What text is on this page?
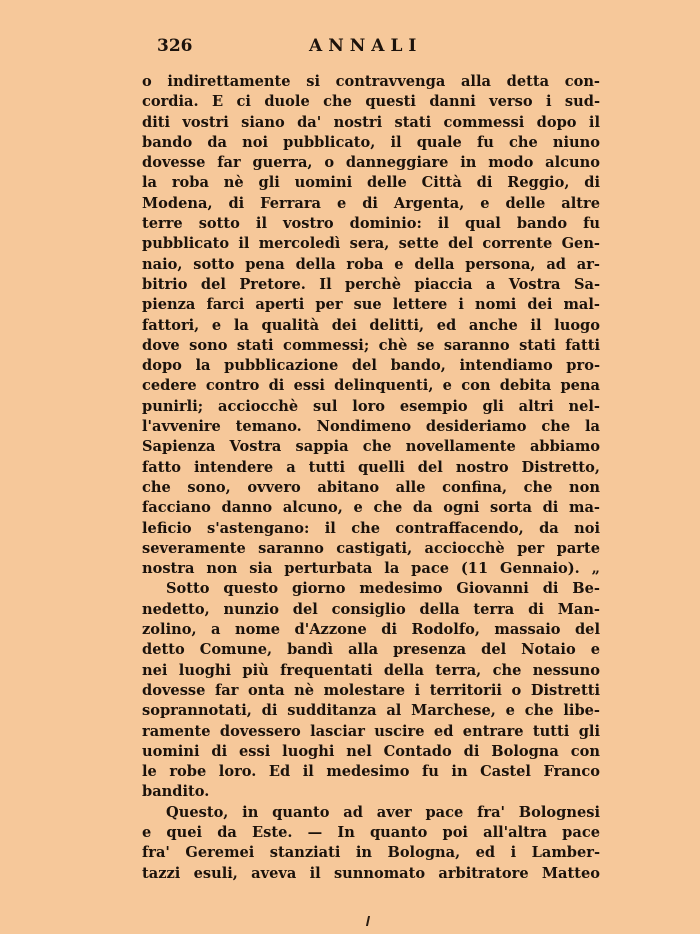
326	ANNALI
o indirettamente si contravvenga alla detta con-
cordia. E ci duole che questi danni verso i sud-
diti vostri siano da' nostri stati commessi dopo il
bando da noi pubblicato, il quale fu che niuno
dovesse far guerra, o danneggiare in modo alcuno
la roba nè gli uomini delle Città di Reggio, di
Modena, di Ferrara e di Argenta, e delle altre
terre sotto il vostro dominio: il qual bando fu
pubblicato il mercoledì sera, sette del corrente Gen-
naio, sotto pena della roba e della persona, ad ar-
bitrio del Pretore. Il perchè piaccia a Vostra Sa-
pienza farci aperti per sue lettere i nomi dei mal-
fattori, e la qualità dei delitti, ed anche il luogo
dove sono stati commessi; chè se saranno stati fatti
dopo la pubblicazione del bando, intendiamo pro-
cedere contro di essi delinquenti, e con debita pena
punirli; acciocchè sul loro esempio gli altri nel-
l'avvenire temano. Nondimeno desideriamo che la
Sapienza Vostra sappia che novellamente abbiamo
fatto intendere a tutti quelli del nostro Distretto,
che sono, ovvero abitano alle confina, che non
facciano danno alcuno, e che da ogni sorta di ma-
leficio s'astengano: il che contraffacendo, da noi
severamente saranno castigati, acciocchè per parte
nostra non sia perturbata la pace (11 Gennaio). „
Sotto questo giorno medesimo Giovanni di Be-
nedetto, nunzio del consiglio della terra di Man-
zolino, a nome d'Azzone di Rodolfo, massaio del
detto Comune, bandì alla presenza del Notaio e
nei luoghi più frequentati della terra, che nessuno
dovesse far onta nè molestare i territorii o Distretti
soprannotati, di sudditanza al Marchese, e che libe-
ramente dovessero lasciar uscire ed entrare tutti gli
uomini di essi luoghi nel Contado di Bologna con
le robe loro. Ed il medesimo fu in Castel Franco
bandito.
Questo, in quanto ad aver pace fra' Bolognesi
e quei da Este. — In quanto poi all'altra pace
fra' Geremei stanziati in Bologna, ed i Lamber-
tazzi esuli, aveva il sunnomato arbitratore Matteo
